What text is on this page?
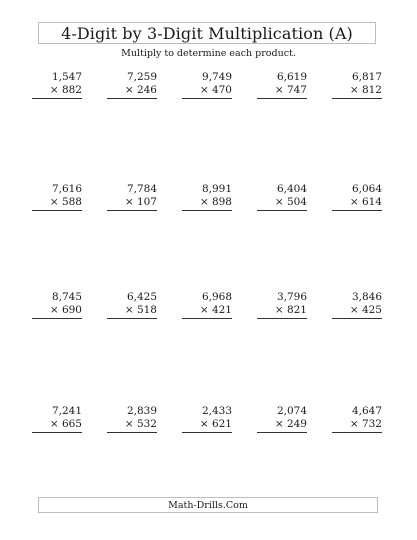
4-Digit by 3-Digit Multiplication (A)
Multiply to determine each product.
1,547
× 882
7,259
× 246
9,749
× 470
6,619
× 747
6,817
× 812
7,616
× 588
7,784
× 107
8,991
× 898
6,404
× 504
6,064
× 614
8,745
× 690
6,425
× 518
6,968
× 421
3,796
× 821
3,846
× 425
7,241
× 665
2,839
× 532
2,433
× 621
2,074
× 249
4,647
× 732
Math-Drills.Com
